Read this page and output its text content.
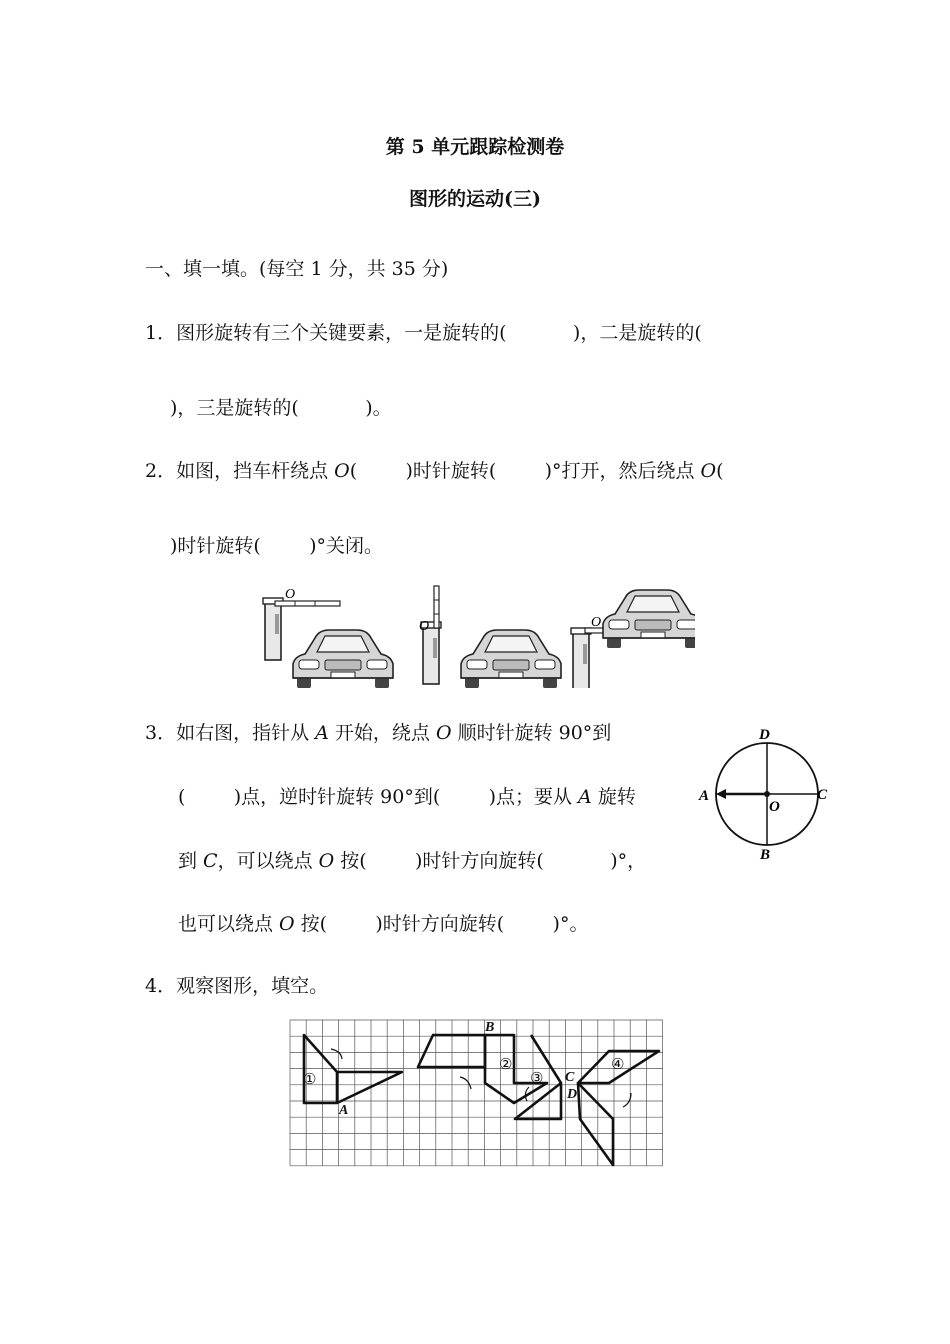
第 5 单元跟踪检测卷
图形的运动(三)
一、填一填。(每空 1 分，共 35 分)
1．图形旋转有三个关键要素，一是旋转的(           )，二是旋转的(
)，三是旋转的(           )。
2．如图，挡车杆绕点 O(        )时针旋转(        )°打开，然后绕点 O(
)时针旋转(        )°关闭。
O
O	O
3．如右图，指针从 A 开始，绕点 O 顺时针旋转 90°到
(        )点，逆时针旋转 90°到(        )点；要从 A 旋转
到 C，可以绕点 O 按(        )时针方向旋转(           )°，
也可以绕点 O 按(        )时针方向旋转(        )°。
D
A
O
C
B
4．观察图形，填空。
①
②
③
④
A
B
C
D
